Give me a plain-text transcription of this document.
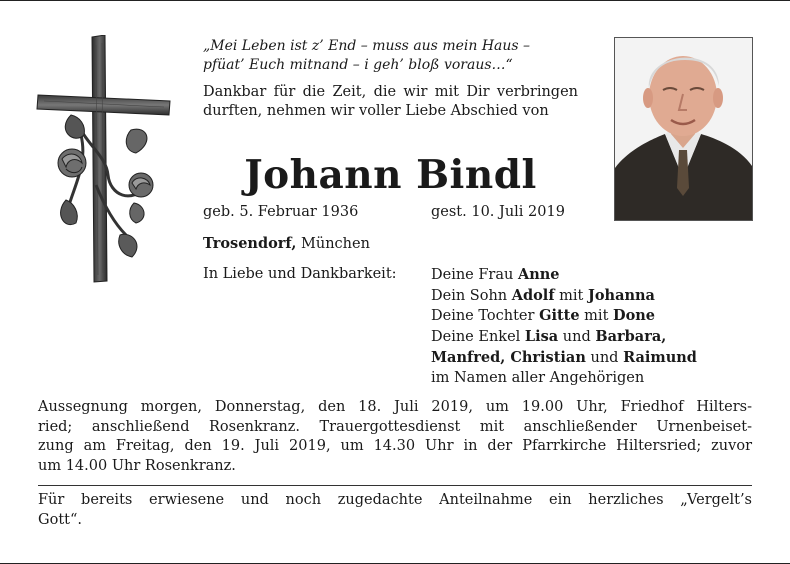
„Mei Leben ist z’ End – muss aus mein Haus –
pfüat’ Euch mitnand – i geh’ bloß voraus…“
Dankbar für die Zeit, die wir mit Dir verbringen durften, nehmen wir voller Liebe Abschied von
Johann Bindl
geb. 5. Februar 1936	gest. 10. Juli 2019
Trosendorf, München
In Liebe und Dankbarkeit: Deine Frau Anne
Dein Sohn Adolf mit Johanna
Deine Tochter Gitte mit Done
Deine Enkel Lisa und Barbara,
Manfred, Christian und Raimund
im Namen aller Angehörigen
Aussegnung morgen, Donnerstag, den 18. Juli 2019, um 19.00 Uhr, Friedhof Hilters-
ried; anschließend Rosenkranz. Trauergottesdienst mit anschließender Urnenbeiset-
zung am Freitag, den 19. Juli 2019, um 14.30 Uhr in der Pfarrkirche Hiltersried; zuvor
um 14.00 Uhr Rosenkranz.
Für bereits erwiesene und noch zugedachte Anteilnahme ein herzliches „Vergelt’s
Gott“.
